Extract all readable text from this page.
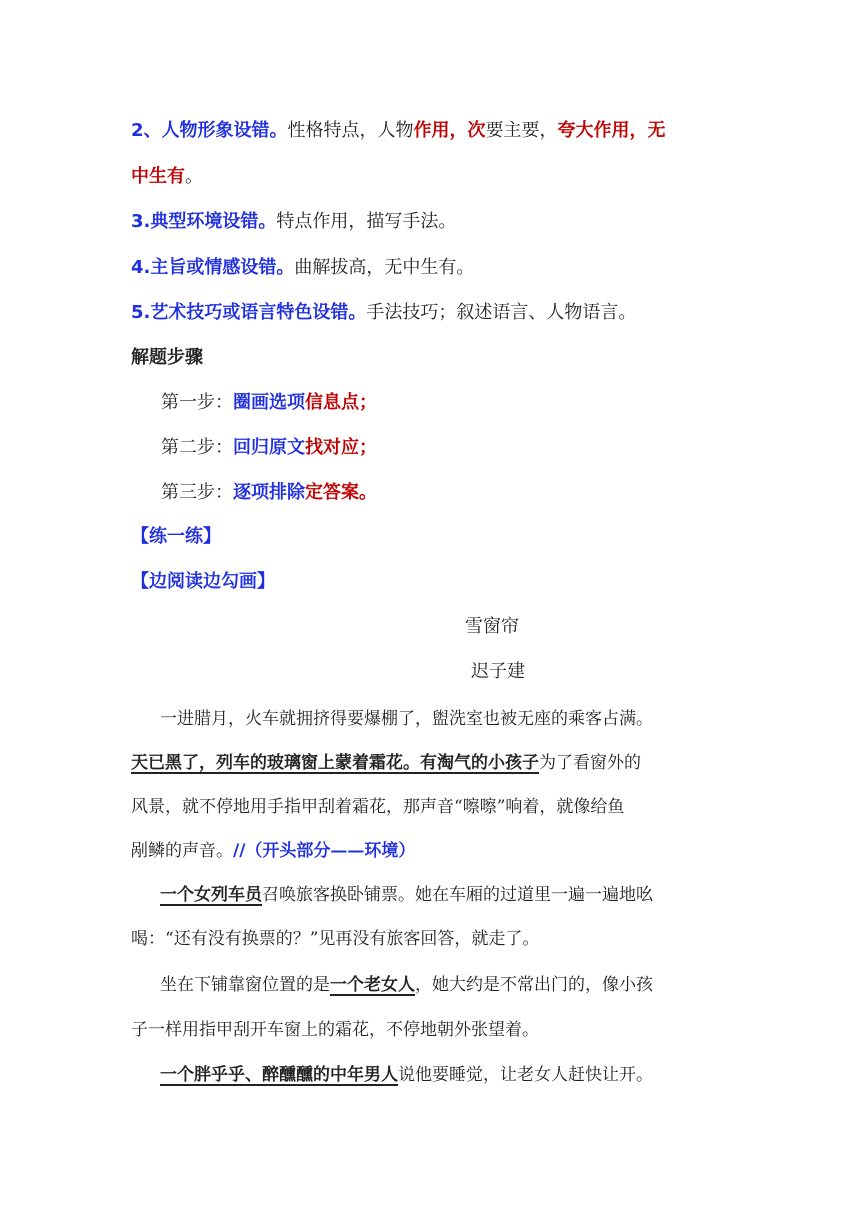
2、人物形象设错。性格特点，人物作用，次要主要，夸大作用，无
中生有。
3.典型环境设错。特点作用，描写手法。
4.主旨或情感设错。曲解拔高，无中生有。
5.艺术技巧或语言特色设错。手法技巧；叙述语言、人物语言。
解题步骤
第一步：圈画选项信息点；
第二步：回归原文找对应；
第三步：逐项排除定答案。
【练一练】
【边阅读边勾画】
雪窗帘
迟子建
一进腊月，火车就拥挤得要爆棚了，盥洗室也被无座的乘客占满。
天已黑了，列车的玻璃窗上蒙着霜花。有淘气的小孩子为了看窗外的
风景，就不停地用手指甲刮着霜花，那声音“嚓嚓”响着，就像给鱼
剐鳞的声音。//（开头部分——环境）
一个女列车员召唤旅客换卧铺票。她在车厢的过道里一遍一遍地吆
喝：“还有没有换票的？”见再没有旅客回答，就走了。
坐在下铺靠窗位置的是一个老女人，她大约是不常出门的，像小孩
子一样用指甲刮开车窗上的霜花，不停地朝外张望着。
一个胖乎乎、醉醺醺的中年男人说他要睡觉，让老女人赶快让开。
